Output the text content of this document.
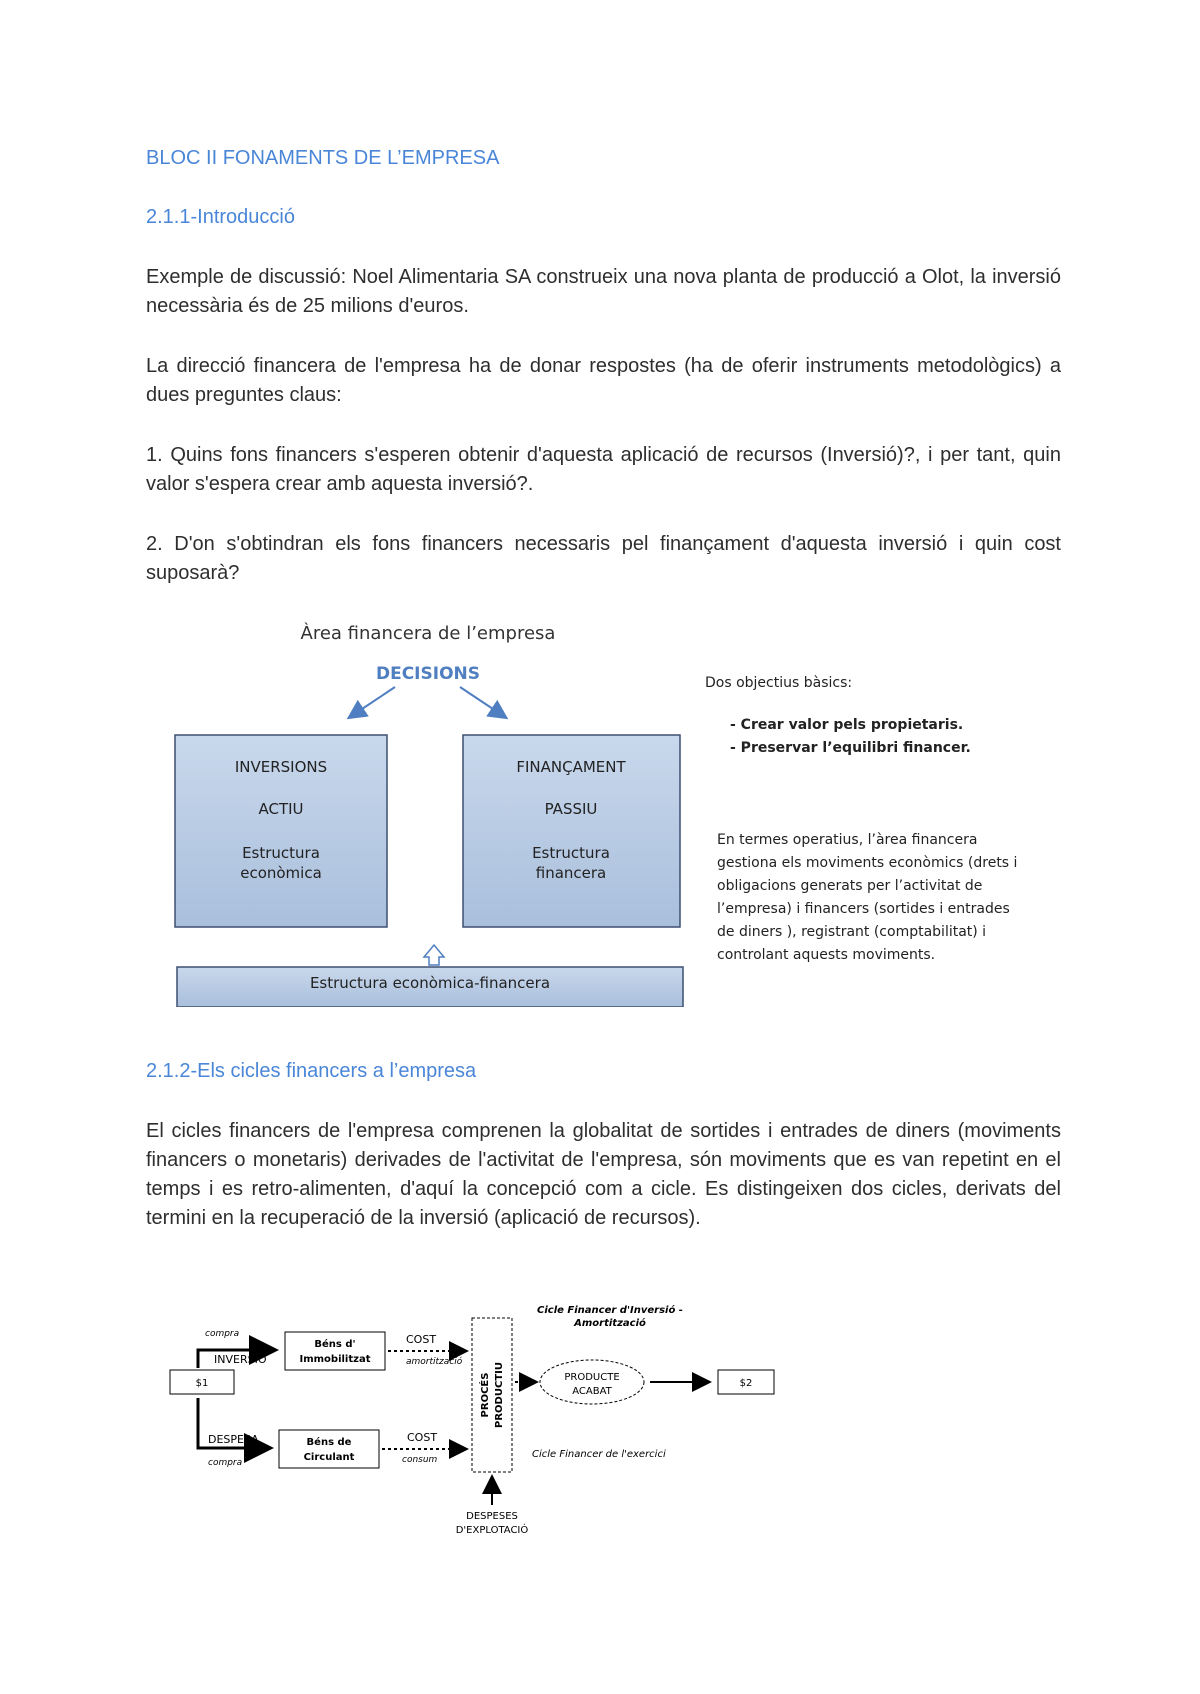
BLOC II FONAMENTS DE L’EMPRESA
2.1.1-Introducció

Exemple de discussió: Noel Alimentaria SA construeix una nova planta de producció a Olot, la inversió necessària és de 25 milions d'euros.

La direcció financera de l'empresa ha de donar respostes (ha de oferir instruments metodològics) a dues preguntes claus:

1. Quins fons financers s'esperen obtenir d'aquesta aplicació de recursos (Inversió)?, i per tant, quin valor s'espera crear amb aquesta inversió?.

2. D'on s'obtindran els fons financers necessaris pel finançament d'aquesta inversió i quin cost suposarà?

Àrea financera de l’empresa
DECISIONS
INVERSIONS
ACTIU
Estructura
econòmica
FINANÇAMENT
PASSIU
Estructura
financera
Estructura econòmica-financera
Dos objectius bàsics:
- Crear valor pels propietaris.
- Preservar l’equilibri financer.
En termes operatius, l’àrea financera
gestiona els moviments econòmics (drets i
obligacions generats per l’activitat de
l’empresa) i financers (sortides i entrades
de diners ), registrant (comptabilitat) i
controlant aquests moviments.
2.1.2-Els cicles financers a l’empresa

El cicles financers de l'empresa comprenen la globalitat de sortides i entrades de diners (moviments financers o monetaris) derivades de l'activitat de l'empresa, són moviments que es van repetint en el temps i es retro-alimenten, d'aquí la concepció com a cicle. Es distingeixen dos cicles, derivats del termini en la recuperació de la inversió (aplicació de recursos).

$1
compra
INVERSIÓ
Béns d'
Immobilitzat
COST
amortització
Cicle Financer d'Inversió -
Amortització
PROCÉS PRODUCTIU	PRODUCTE
ACABAT
$2
DESPESA
compra
Béns de
Circulant
COST
consum	Cicle Financer de l'exercici
DESPESES
D'EXPLOTACIÓ
